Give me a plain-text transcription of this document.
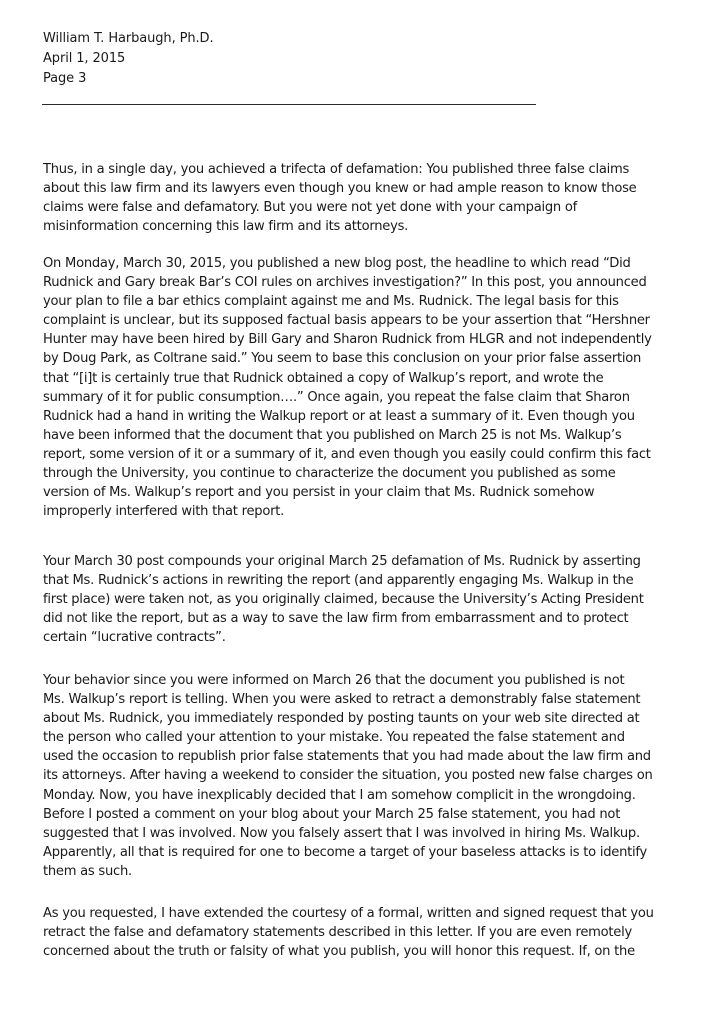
William T. Harbaugh, Ph.D.
April 1, 2015
Page 3

Thus, in a single day, you achieved a trifecta of defamation: You published three false claims
about this law firm and its lawyers even though you knew or had ample reason to know those
claims were false and defamatory. But you were not yet done with your campaign of
misinformation concerning this law firm and its attorneys.

On Monday, March 30, 2015, you published a new blog post, the headline to which read “Did
Rudnick and Gary break Bar’s COI rules on archives investigation?” In this post, you announced
your plan to file a bar ethics complaint against me and Ms. Rudnick. The legal basis for this
complaint is unclear, but its supposed factual basis appears to be your assertion that “Hershner
Hunter may have been hired by Bill Gary and Sharon Rudnick from HLGR and not independently
by Doug Park, as Coltrane said.” You seem to base this conclusion on your prior false assertion
that “[i]t is certainly true that Rudnick obtained a copy of Walkup’s report, and wrote the
summary of it for public consumption….” Once again, you repeat the false claim that Sharon
Rudnick had a hand in writing the Walkup report or at least a summary of it. Even though you
have been informed that the document that you published on March 25 is not Ms. Walkup’s
report, some version of it or a summary of it, and even though you easily could confirm this fact
through the University, you continue to characterize the document you published as some
version of Ms. Walkup’s report and you persist in your claim that Ms. Rudnick somehow
improperly interfered with that report.

Your March 30 post compounds your original March 25 defamation of Ms. Rudnick by asserting
that Ms. Rudnick’s actions in rewriting the report (and apparently engaging Ms. Walkup in the
first place) were taken not, as you originally claimed, because the University’s Acting President
did not like the report, but as a way to save the law firm from embarrassment and to protect
certain “lucrative contracts”.

Your behavior since you were informed on March 26 that the document you published is not
Ms. Walkup’s report is telling. When you were asked to retract a demonstrably false statement
about Ms. Rudnick, you immediately responded by posting taunts on your web site directed at
the person who called your attention to your mistake. You repeated the false statement and
used the occasion to republish prior false statements that you had made about the law firm and
its attorneys. After having a weekend to consider the situation, you posted new false charges on
Monday. Now, you have inexplicably decided that I am somehow complicit in the wrongdoing.
Before I posted a comment on your blog about your March 25 false statement, you had not
suggested that I was involved. Now you falsely assert that I was involved in hiring Ms. Walkup.
Apparently, all that is required for one to become a target of your baseless attacks is to identify
them as such.

As you requested, I have extended the courtesy of a formal, written and signed request that you
retract the false and defamatory statements described in this letter. If you are even remotely
concerned about the truth or falsity of what you publish, you will honor this request. If, on the
